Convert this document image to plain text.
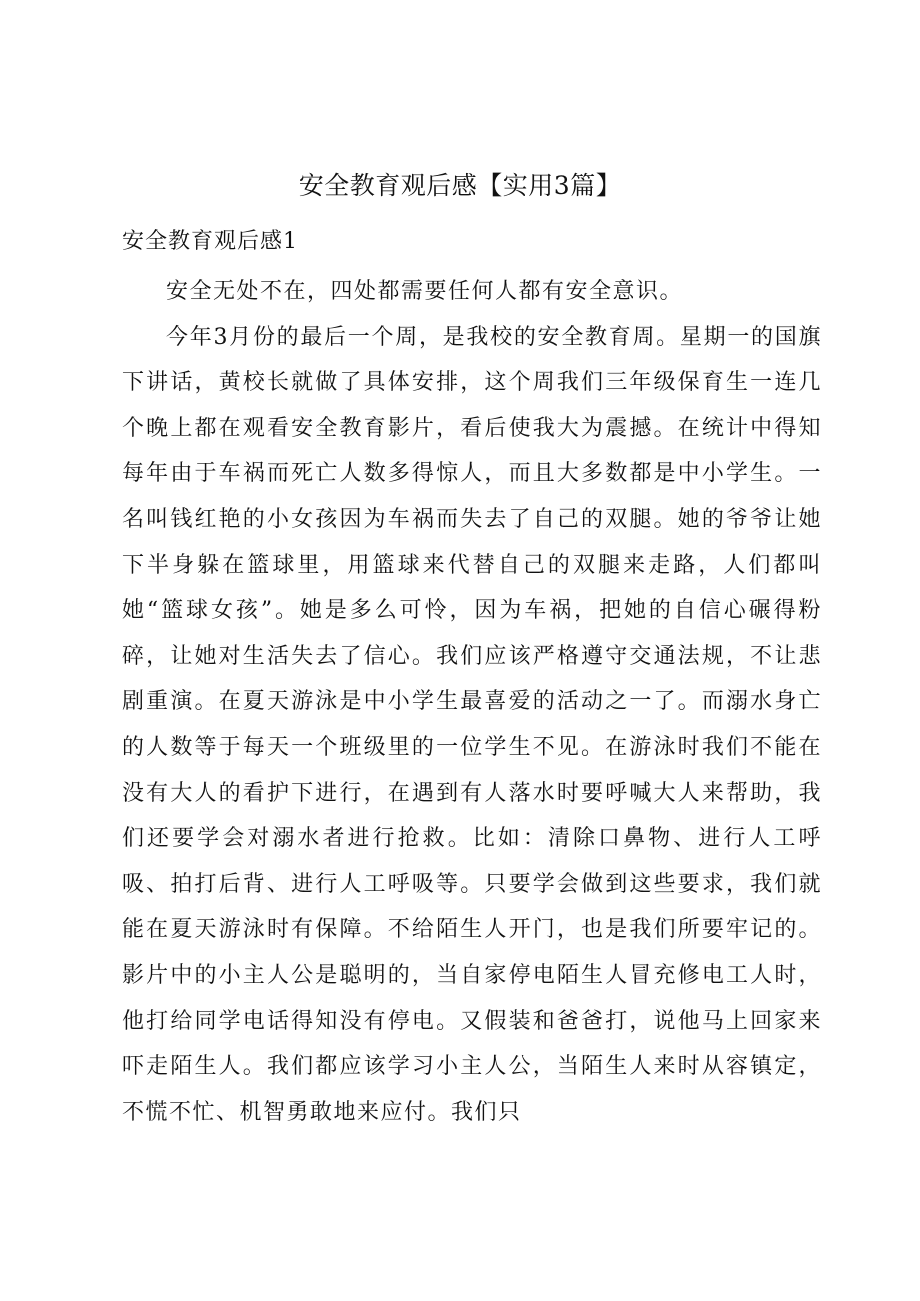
安全教育观后感【实用3篇】
安全教育观后感1

安全无处不在，四处都需要任何人都有安全意识。

今年3月份的最后一个周，是我校的安全教育周。星期一的国旗下讲话，黄校长就做了具体安排，这个周我们三年级保育生一连几个晚上都在观看安全教育影片，看后使我大为震撼。在统计中得知每年由于车祸而死亡人数多得惊人，而且大多数都是中小学生。一名叫钱红艳的小女孩因为车祸而失去了自己的双腿。她的爷爷让她下半身躲在篮球里，用篮球来代替自己的双腿来走路，人们都叫她“篮球女孩”。她是多么可怜，因为车祸，把她的自信心碾得粉碎，让她对生活失去了信心。我们应该严格遵守交通法规，不让悲剧重演。在夏天游泳是中小学生最喜爱的活动之一了。而溺水身亡的人数等于每天一个班级里的一位学生不见。在游泳时我们不能在没有大人的看护下进行，在遇到有人落水时要呼喊大人来帮助，我们还要学会对溺水者进行抢救。比如：清除口鼻物、进行人工呼吸、拍打后背、进行人工呼吸等。只要学会做到这些要求，我们就能在夏天游泳时有保障。不给陌生人开门，也是我们所要牢记的。影片中的小主人公是聪明的，当自家停电陌生人冒充修电工人时，他打给同学电话得知没有停电。又假装和爸爸打，说他马上回家来吓走陌生人。我们都应该学习小主人公，当陌生人来时从容镇定，不慌不忙、机智勇敢地来应付。我们只
